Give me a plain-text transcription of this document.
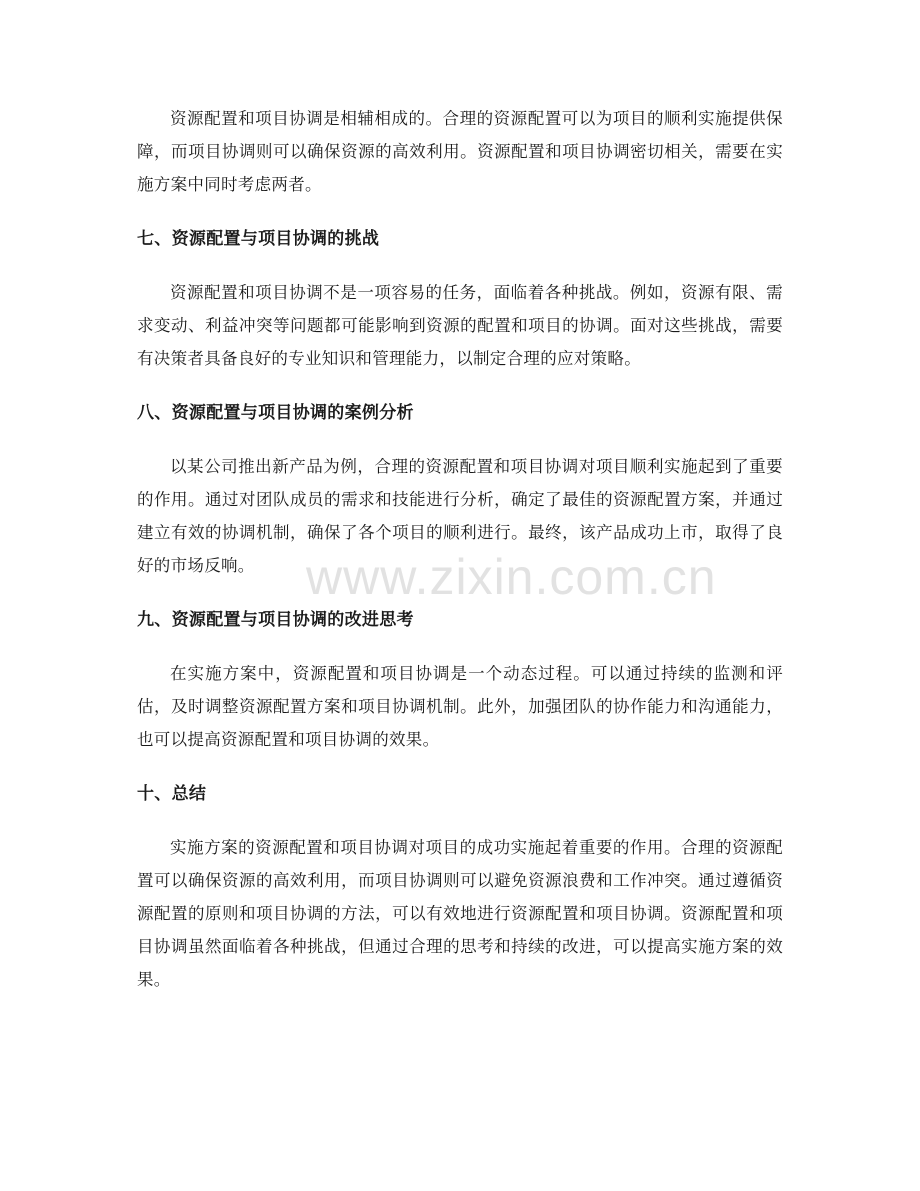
资源配置和项目协调是相辅相成的。合理的资源配置可以为项目的顺利实施提供保障，而项目协调则可以确保资源的高效利用。资源配置和项目协调密切相关，需要在实施方案中同时考虑两者。

七、资源配置与项目协调的挑战

资源配置和项目协调不是一项容易的任务，面临着各种挑战。例如，资源有限、需求变动、利益冲突等问题都可能影响到资源的配置和项目的协调。面对这些挑战，需要有决策者具备良好的专业知识和管理能力，以制定合理的应对策略。

八、资源配置与项目协调的案例分析

以某公司推出新产品为例，合理的资源配置和项目协调对项目顺利实施起到了重要的作用。通过对团队成员的需求和技能进行分析，确定了最佳的资源配置方案，并通过建立有效的协调机制，确保了各个项目的顺利进行。最终，该产品成功上市，取得了良好的市场反响。

九、资源配置与项目协调的改进思考

在实施方案中，资源配置和项目协调是一个动态过程。可以通过持续的监测和评估，及时调整资源配置方案和项目协调机制。此外，加强团队的协作能力和沟通能力，也可以提高资源配置和项目协调的效果。

十、总结

实施方案的资源配置和项目协调对项目的成功实施起着重要的作用。合理的资源配置可以确保资源的高效利用，而项目协调则可以避免资源浪费和工作冲突。通过遵循资源配置的原则和项目协调的方法，可以有效地进行资源配置和项目协调。资源配置和项目协调虽然面临着各种挑战，但通过合理的思考和持续的改进，可以提高实施方案的效果。

www.zixin.com.cn
